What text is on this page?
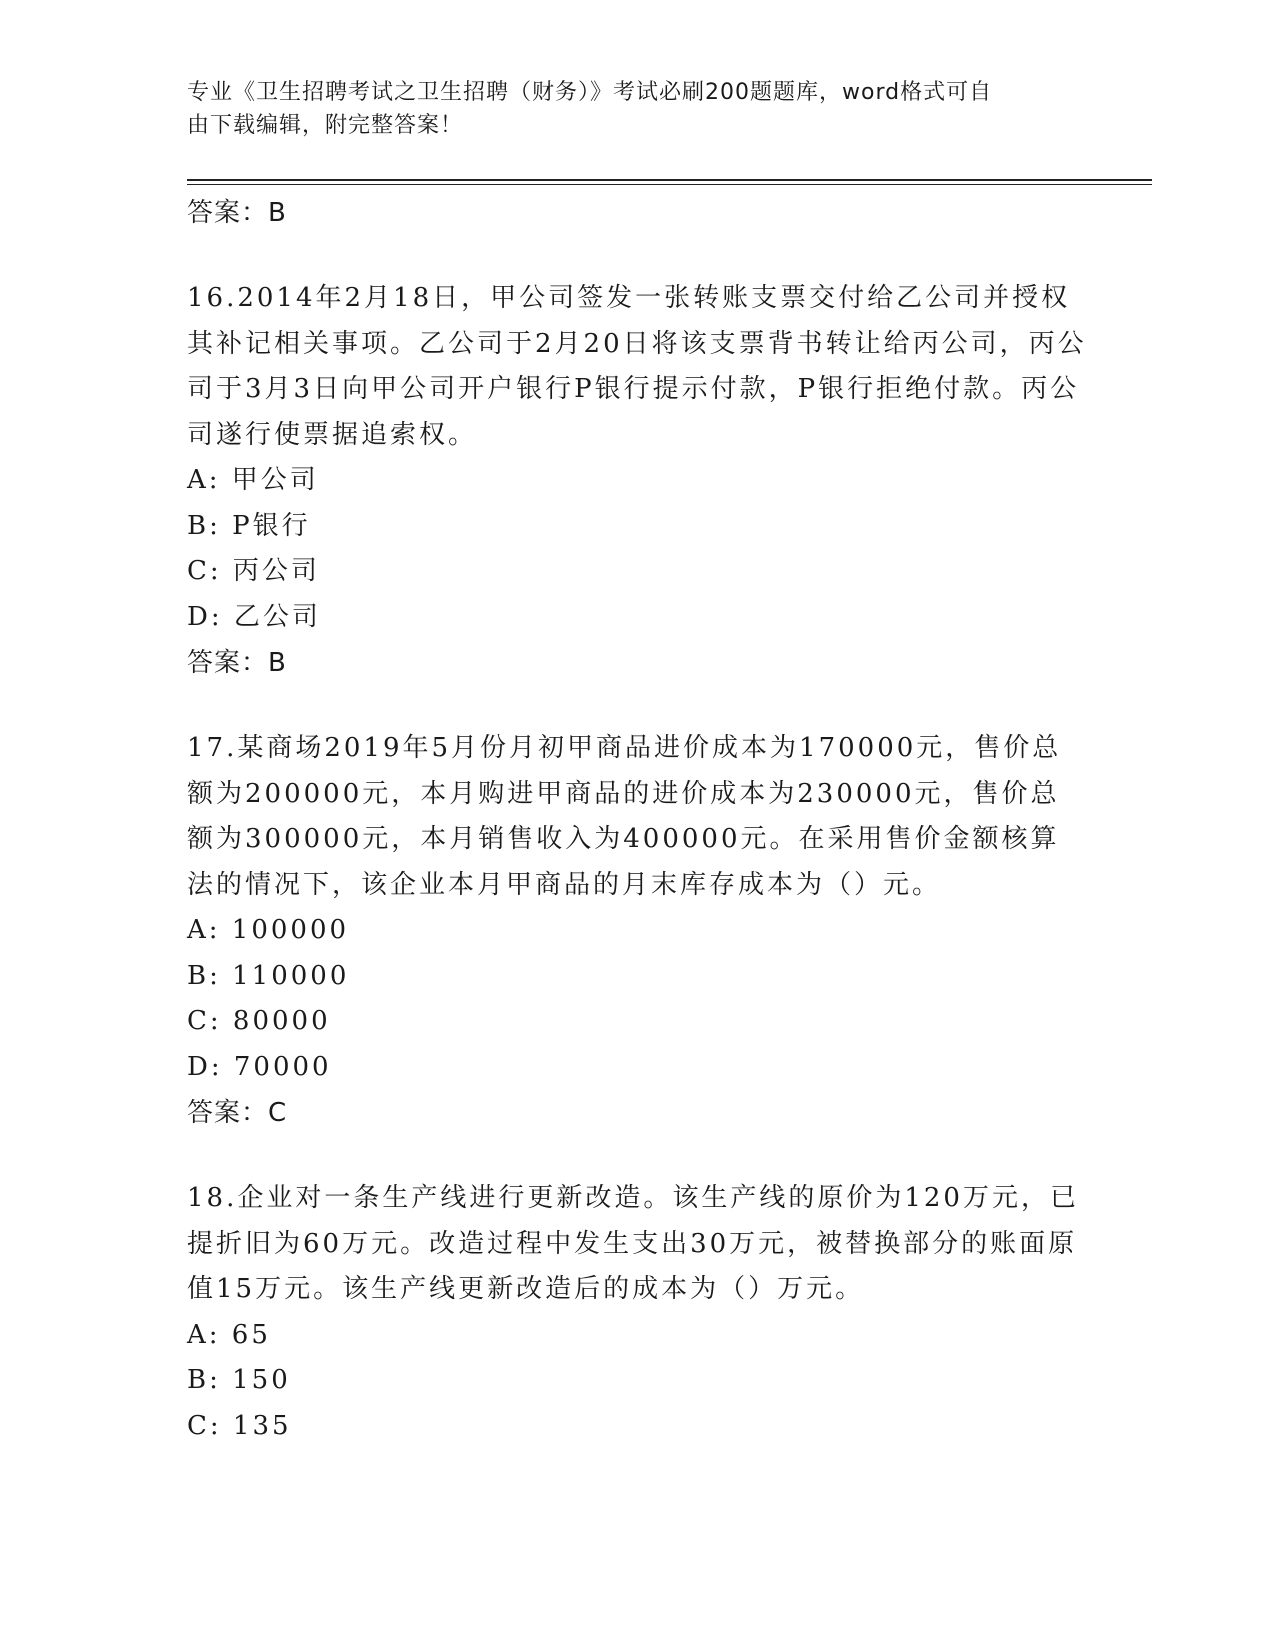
专业《卫生招聘考试之卫生招聘（财务）》考试必刷200题题库，word格式可自
由下载编辑，附完整答案！
答案：B

16.2014年2月18日，甲公司签发一张转账支票交付给乙公司并授权其补记相关事项。乙公司于2月20日将该支票背书转让给丙公司，丙公司于3月3日向甲公司开户银行P银行提示付款，P银行拒绝付款。丙公司遂行使票据追索权。

A: 甲公司
B: P银行
C: 丙公司
D: 乙公司
答案：B

17.某商场2019年5月份月初甲商品进价成本为170000元，售价总额为200000元，本月购进甲商品的进价成本为230000元，售价总额为300000元，本月销售收入为400000元。在采用售价金额核算法的情况下，该企业本月甲商品的月末库存成本为（）元。

A: 100000
B: 110000
C: 80000
D: 70000
答案：C

18.企业对一条生产线进行更新改造。该生产线的原价为120万元，已提折旧为60万元。改造过程中发生支出30万元，被替换部分的账面原值15万元。该生产线更新改造后的成本为（）万元。

A: 65
B: 150
C: 135
